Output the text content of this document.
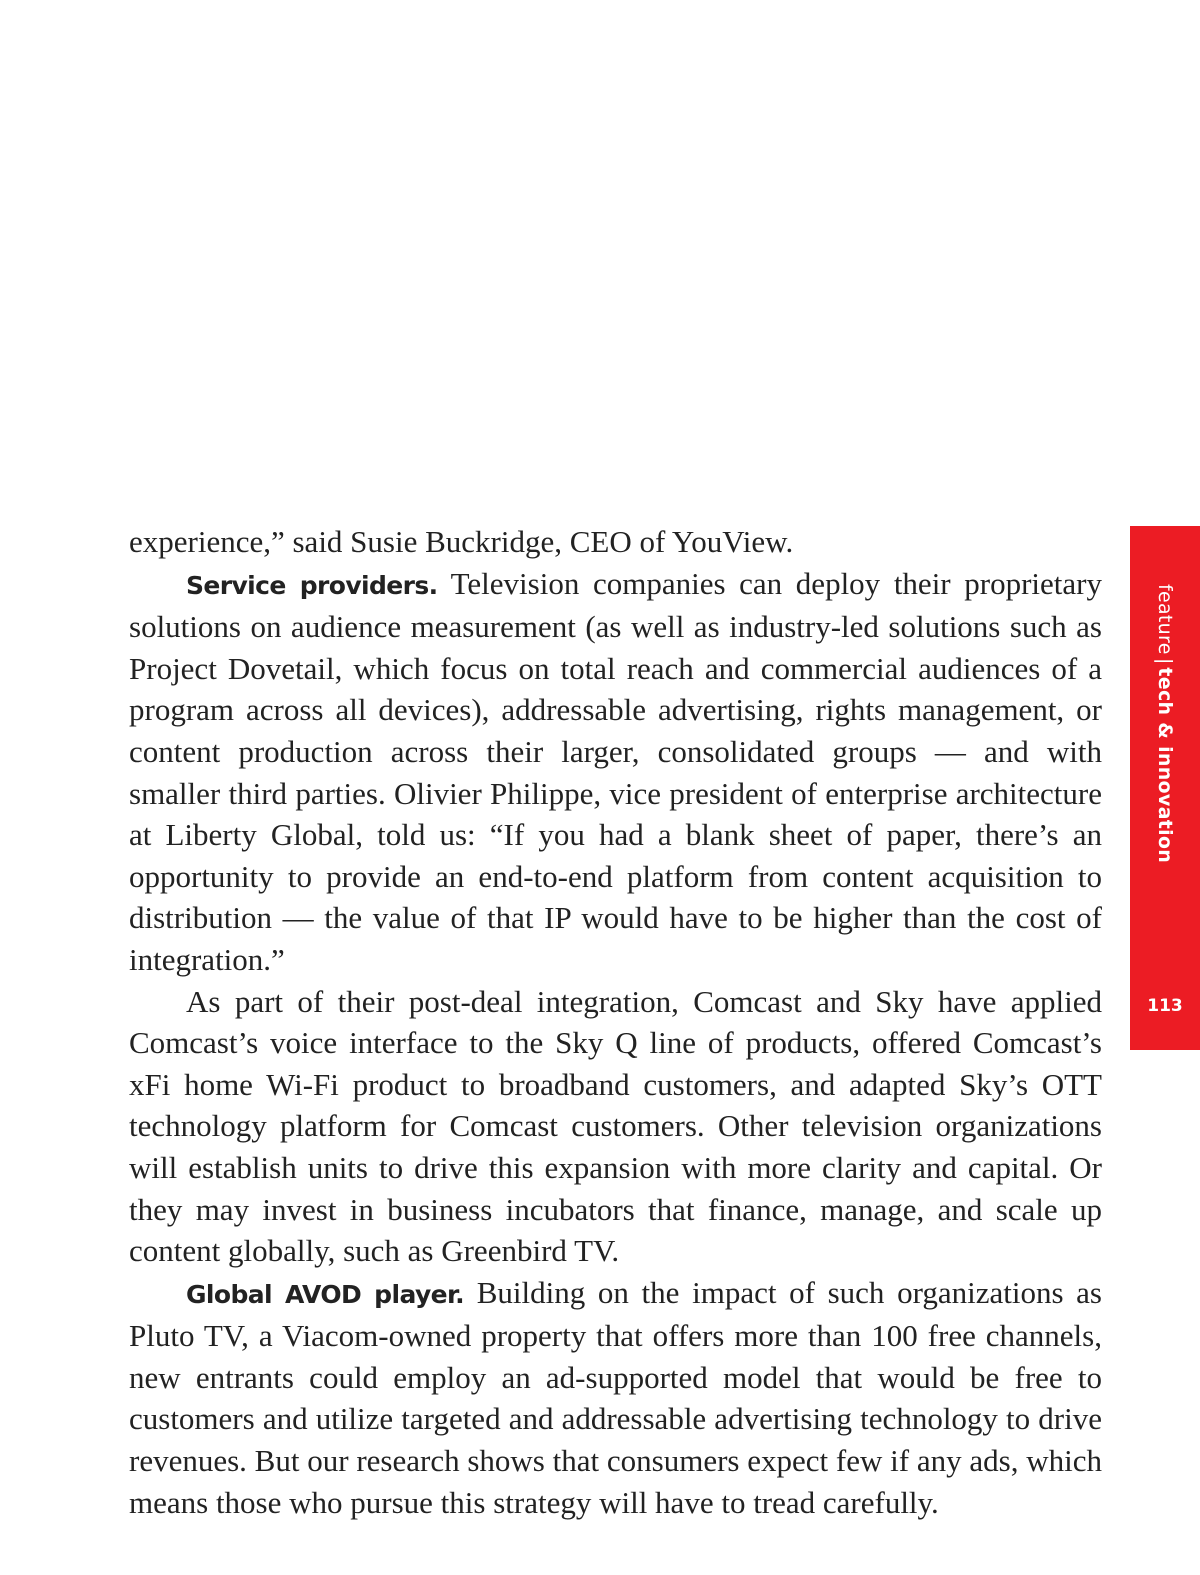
experience,” said Susie Buckridge, CEO of YouView.

Service providers. Television companies can deploy their proprietary solutions on audience measurement (as well as industry-led solutions such as Project Dovetail, which focus on total reach and commercial audiences of a program across all devices), addressable advertising, rights management, or content production across their larger, consolidated groups — and with smaller third parties. Olivier Philippe, vice president of enterprise architecture at Liberty Global, told us: “If you had a blank sheet of paper, there’s an opportunity to provide an end-to-end platform from content acquisition to distribution — the value of that IP would have to be higher than the cost of integration.”

As part of their post-deal integration, Comcast and Sky have applied Comcast’s voice interface to the Sky Q line of products, offered Comcast’s xFi home Wi-Fi product to broadband customers, and adapted Sky’s OTT technology platform for Comcast customers. Other television organizations will establish units to drive this expansion with more clarity and capital. Or they may invest in business incubators that finance, manage, and scale up content globally, such as Greenbird TV.

Global AVOD player. Building on the impact of such organizations as Pluto TV, a Viacom-owned property that offers more than 100 free channels, new entrants could employ an ad-supported model that would be free to customers and utilize targeted and addressable advertising technology to drive revenues. But our research shows that consumers expect few if any ads, which means those who pursue this strategy will have to tread carefully.

feature|tech & innovation
113
